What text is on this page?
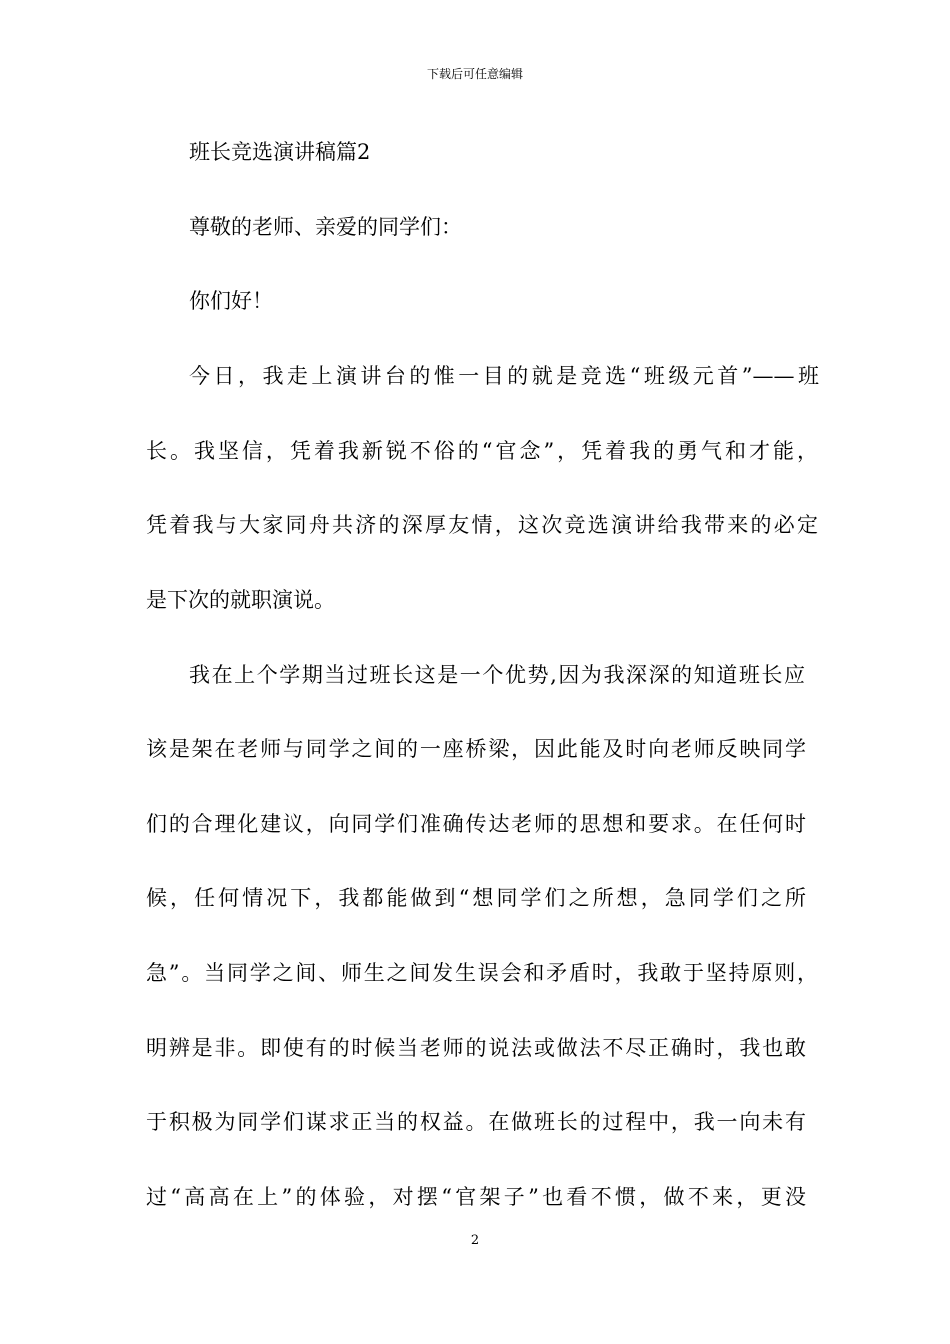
下载后可任意编辑
班长竞选演讲稿篇2
尊敬的老师、亲爱的同学们：
你们好！
今日，我走上演讲台的惟一目的就是竞选“班级元首”——班
长。我坚信，凭着我新锐不俗的“官念”，凭着我的勇气和才能，
凭着我与大家同舟共济的深厚友情，这次竞选演讲给我带来的必定
是下次的就职演说。
我在上个学期当过班长这是一个优势,因为我深深的知道班长应
该是架在老师与同学之间的一座桥梁，因此能及时向老师反映同学
们的合理化建议，向同学们准确传达老师的思想和要求。在任何时
候，任何情况下，我都能做到“想同学们之所想，急同学们之所
急”。当同学之间、师生之间发生误会和矛盾时，我敢于坚持原则，
明辨是非。即使有的时候当老师的说法或做法不尽正确时，我也敢
于积极为同学们谋求正当的权益。在做班长的过程中，我一向未有
过“高高在上”的体验，对摆“官架子”也看不惯，做不来，更没
2
